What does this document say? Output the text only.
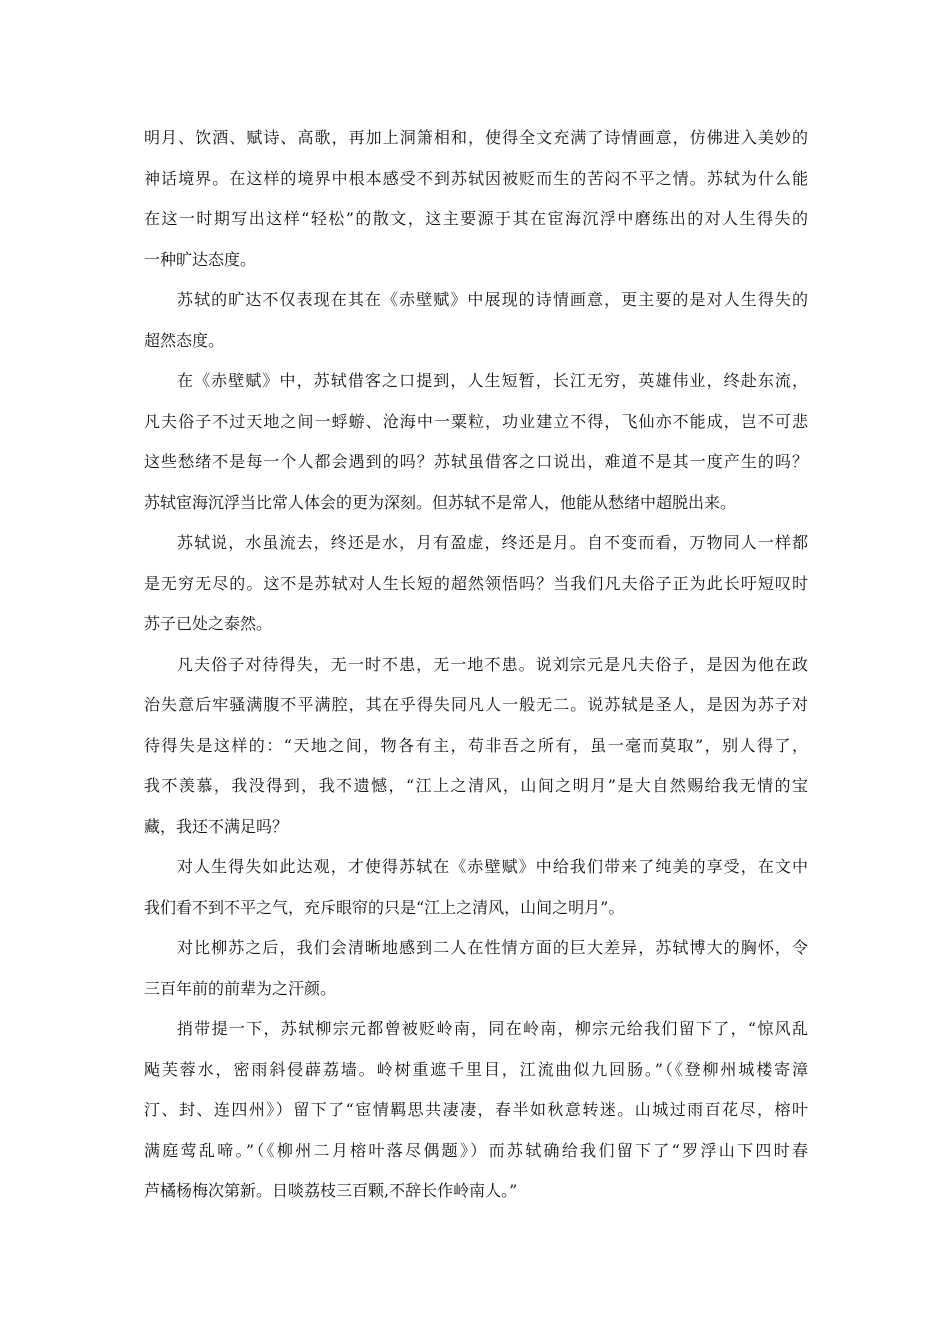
明月、饮酒、赋诗、高歌，再加上洞箫相和，使得全文充满了诗情画意，仿佛进入美妙的
神话境界。在这样的境界中根本感受不到苏轼因被贬而生的苦闷不平之情。苏轼为什么能
在这一时期写出这样“轻松”的散文，这主要源于其在宦海沉浮中磨练出的对人生得失的
一种旷达态度。
苏轼的旷达不仅表现在其在《赤壁赋》中展现的诗情画意，更主要的是对人生得失的
超然态度。
在《赤壁赋》中，苏轼借客之口提到，人生短暂，长江无穷，英雄伟业，终赴东流，
凡夫俗子不过天地之间一蜉蝣、沧海中一粟粒，功业建立不得，飞仙亦不能成，岂不可悲
这些愁绪不是每一个人都会遇到的吗？苏轼虽借客之口说出，难道不是其一度产生的吗？
苏轼宦海沉浮当比常人体会的更为深刻。但苏轼不是常人，他能从愁绪中超脱出来。
苏轼说，水虽流去，终还是水，月有盈虚，终还是月。自不变而看，万物同人一样都
是无穷无尽的。这不是苏轼对人生长短的超然领悟吗？当我们凡夫俗子正为此长吁短叹时
苏子已处之泰然。
凡夫俗子对待得失，无一时不患，无一地不患。说刘宗元是凡夫俗子，是因为他在政
治失意后牢骚满腹不平满腔，其在乎得失同凡人一般无二。说苏轼是圣人，是因为苏子对
待得失是这样的：“天地之间，物各有主，苟非吾之所有，虽一毫而莫取”，别人得了，
我不羡慕，我没得到，我不遗憾，“江上之清风，山间之明月”是大自然赐给我无情的宝
藏，我还不满足吗？
对人生得失如此达观，才使得苏轼在《赤壁赋》中给我们带来了纯美的享受，在文中
我们看不到不平之气，充斥眼帘的只是“江上之清风，山间之明月”。
对比柳苏之后，我们会清晰地感到二人在性情方面的巨大差异，苏轼博大的胸怀，令
三百年前的前辈为之汗颜。
捎带提一下，苏轼柳宗元都曾被贬岭南，同在岭南，柳宗元给我们留下了，“惊风乱
飐芙蓉水，密雨斜侵薜荔墙。岭树重遮千里目，江流曲似九回肠。”（《登柳州城楼寄漳
汀、封、连四州》）留下了“宦情羁思共凄凄，春半如秋意转迷。山城过雨百花尽，榕叶
满庭莺乱啼。”（《柳州二月榕叶落尽偶题》）而苏轼确给我们留下了“罗浮山下四时春
芦橘杨梅次第新。日啖荔枝三百颗,不辞长作岭南人。”
